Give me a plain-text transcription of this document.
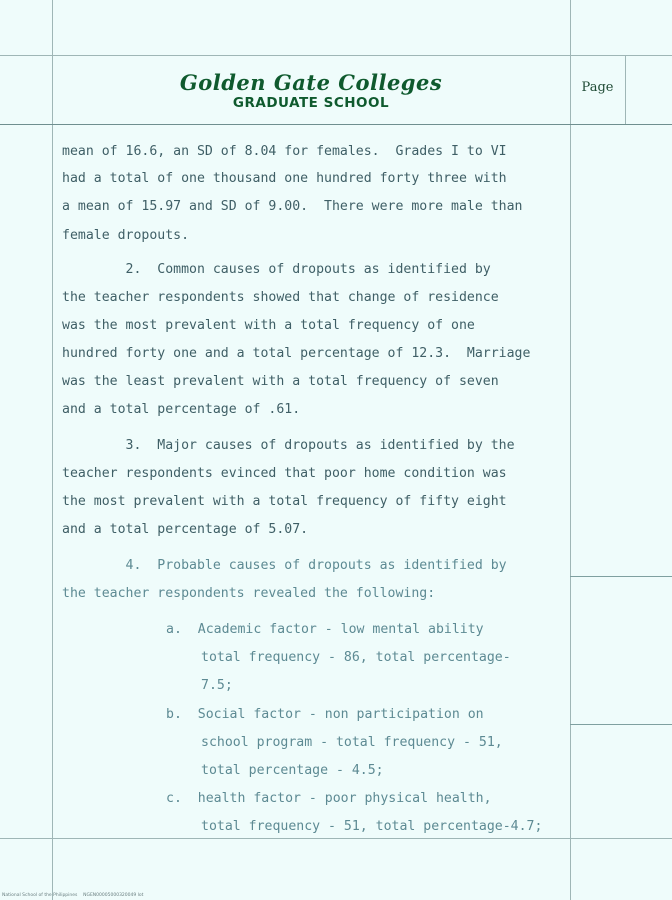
Golden Gate Colleges
GRADUATE SCHOOL
Page
mean of 16.6, an SD of 8.04 for females.  Grades I to VI
had a total of one thousand one hundred forty three with
a mean of 15.97 and SD of 9.00.  There were more male than
female dropouts.
2.  Common causes of dropouts as identified by
the teacher respondents showed that change of residence
was the most prevalent with a total frequency of one
hundred forty one and a total percentage of 12.3.  Marriage
was the least prevalent with a total frequency of seven
and a total percentage of .61.
3.  Major causes of dropouts as identified by the
teacher respondents evinced that poor home condition was
the most prevalent with a total frequency of fifty eight
and a total percentage of 5.07.
4.  Probable causes of dropouts as identified by
the teacher respondents revealed the following:
a.  Academic factor - low mental ability
total frequency - 86, total percentage-
7.5;
b.  Social factor - non participation on
school program - total frequency - 51,
total percentage - 4.5;
c.  health factor - poor physical health,
total frequency - 51, total percentage-4.7;
National School of the Philippines    NGEN00005000320049 lot
